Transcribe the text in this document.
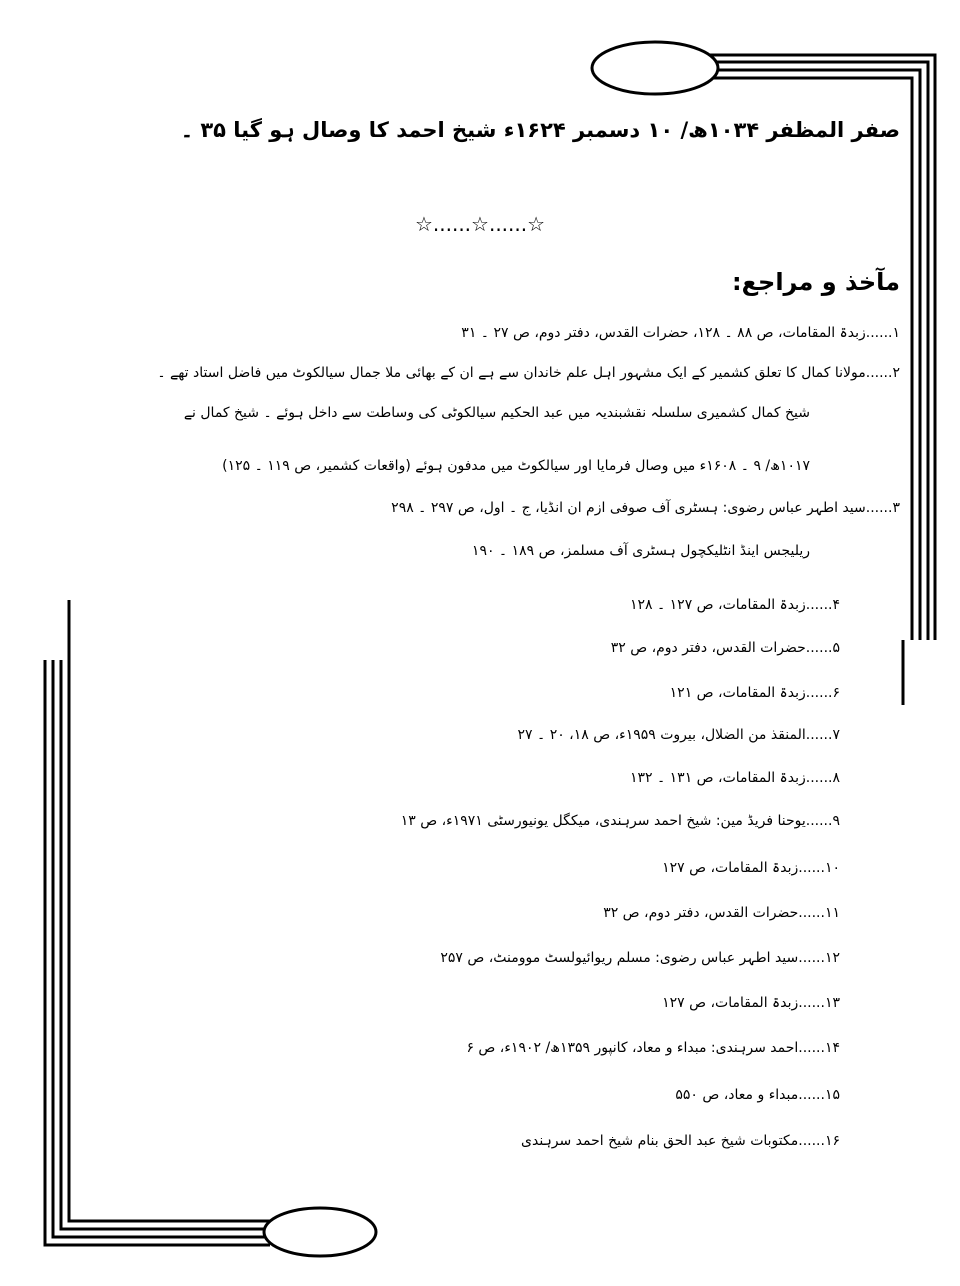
صفر المظفر ۱۰۳۴ھ/ ۱۰ دسمبر ۱۶۲۴ء شیخ احمد کا وصال ہو گیا ۳۵ ۔
☆......☆......☆
مآخذ و مراجع:
۱......زبدۃ المقامات، ص ۸۸ ۔ ۱۲۸، حضرات القدس، دفتر دوم، ص ۲۷ ۔ ۳۱
۲......مولانا کمال کا تعلق کشمیر کے ایک مشہور اہل علم خاندان سے ہے ان کے بھائی ملا جمال سیالکوٹ میں فاضل استاد تھے ۔
شیخ کمال کشمیری سلسلہ نقشبندیہ میں عبد الحکیم سیالکوٹی کی وساطت سے داخل ہوئے ۔ شیخ کمال نے
۱۰۱۷ھ/ ۹ ۔ ۱۶۰۸ء میں وصال فرمایا اور سیالکوٹ میں مدفون ہوئے (واقعات کشمیر، ص ۱۱۹ ۔ ۱۲۵)
۳......سید اطہر عباس رضوی: ہسٹری آف صوفی ازم ان انڈیا، ج ۔ اول، ص ۲۹۷ ۔ ۲۹۸
ریلیجس اینڈ انٹلیکچول ہسٹری آف مسلمز، ص ۱۸۹ ۔ ۱۹۰
۴......زبدۃ المقامات، ص ۱۲۷ ۔ ۱۲۸
۵......حضرات القدس، دفتر دوم، ص ۳۲
۶......زبدۃ المقامات، ص ۱۲۱
۷......المنقذ من الضلال، بیروت ۱۹۵۹ء، ص ۱۸، ۲۰ ۔ ۲۷
۸......زبدۃ المقامات، ص ۱۳۱ ۔ ۱۳۲
۹......یوحنا فریڈ مین: شیخ احمد سرہندی، میکگل یونیورسٹی ۱۹۷۱ء، ص ۱۳
۱۰......زبدۃ المقامات، ص ۱۲۷
۱۱......حضرات القدس، دفتر دوم، ص ۳۲
۱۲......سید اطہر عباس رضوی: مسلم ریوائیولسٹ موومنٹ، ص ۲۵۷
۱۳......زبدۃ المقامات، ص ۱۲۷
۱۴......احمد سرہندی: مبداء و معاد، کانپور ۱۳۵۹ھ/ ۱۹۰۲ء، ص ۶
۱۵......مبداء و معاد، ص ۵۵۰
۱۶......مکتوبات شیخ عبد الحق بنام شیخ احمد سرہندی
